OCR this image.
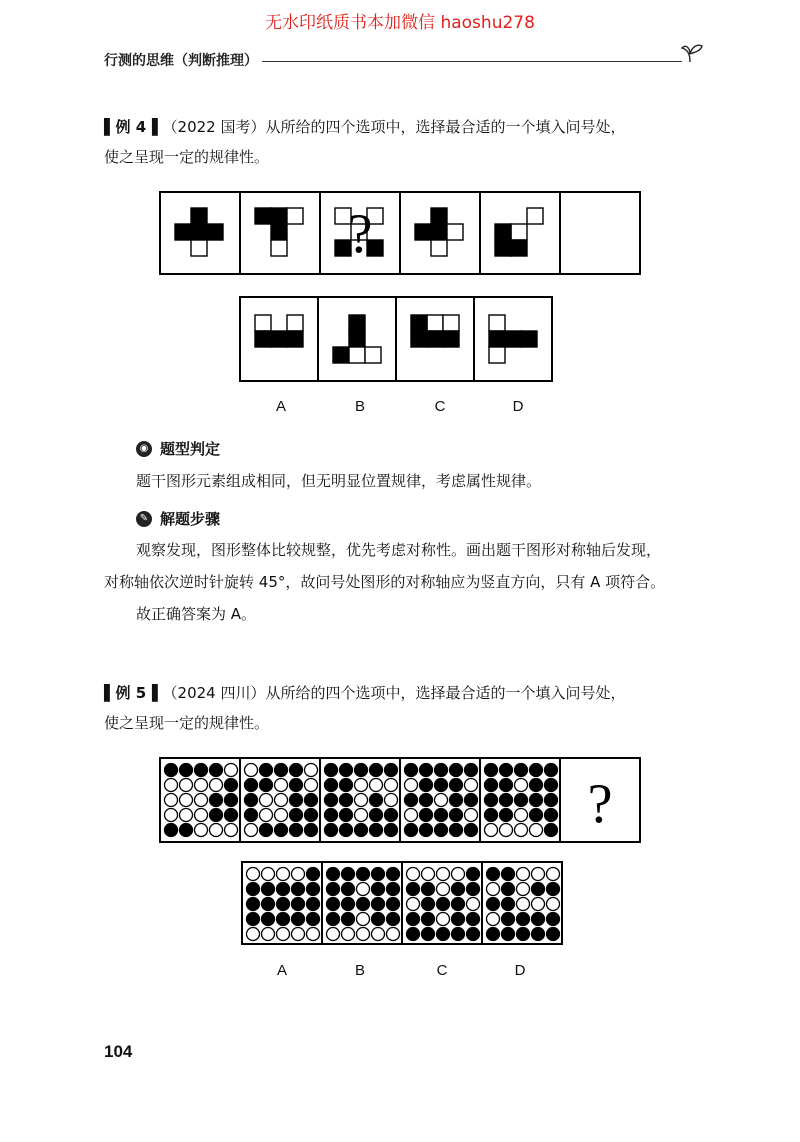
无水印纸质书本加微信 haoshu278
行测的思维（判断推理）
▌例 4▐ （2022 国考）从所给的四个选项中，选择最合适的一个填入问号处，
使之呈现一定的规律性。
?
A	B	C	D
◉ 题型判定
题干图形元素组成相同，但无明显位置规律，考虑属性规律。
✎ 解题步骤
观察发现，图形整体比较规整，优先考虑对称性。画出题干图形对称轴后发现，
对称轴依次逆时针旋转 45°，故问号处图形的对称轴应为竖直方向，只有 A 项符合。
故正确答案为 A。
▌例 5▐ （2024 四川）从所给的四个选项中，选择最合适的一个填入问号处，
使之呈现一定的规律性。
?
A	B	C	D
104
